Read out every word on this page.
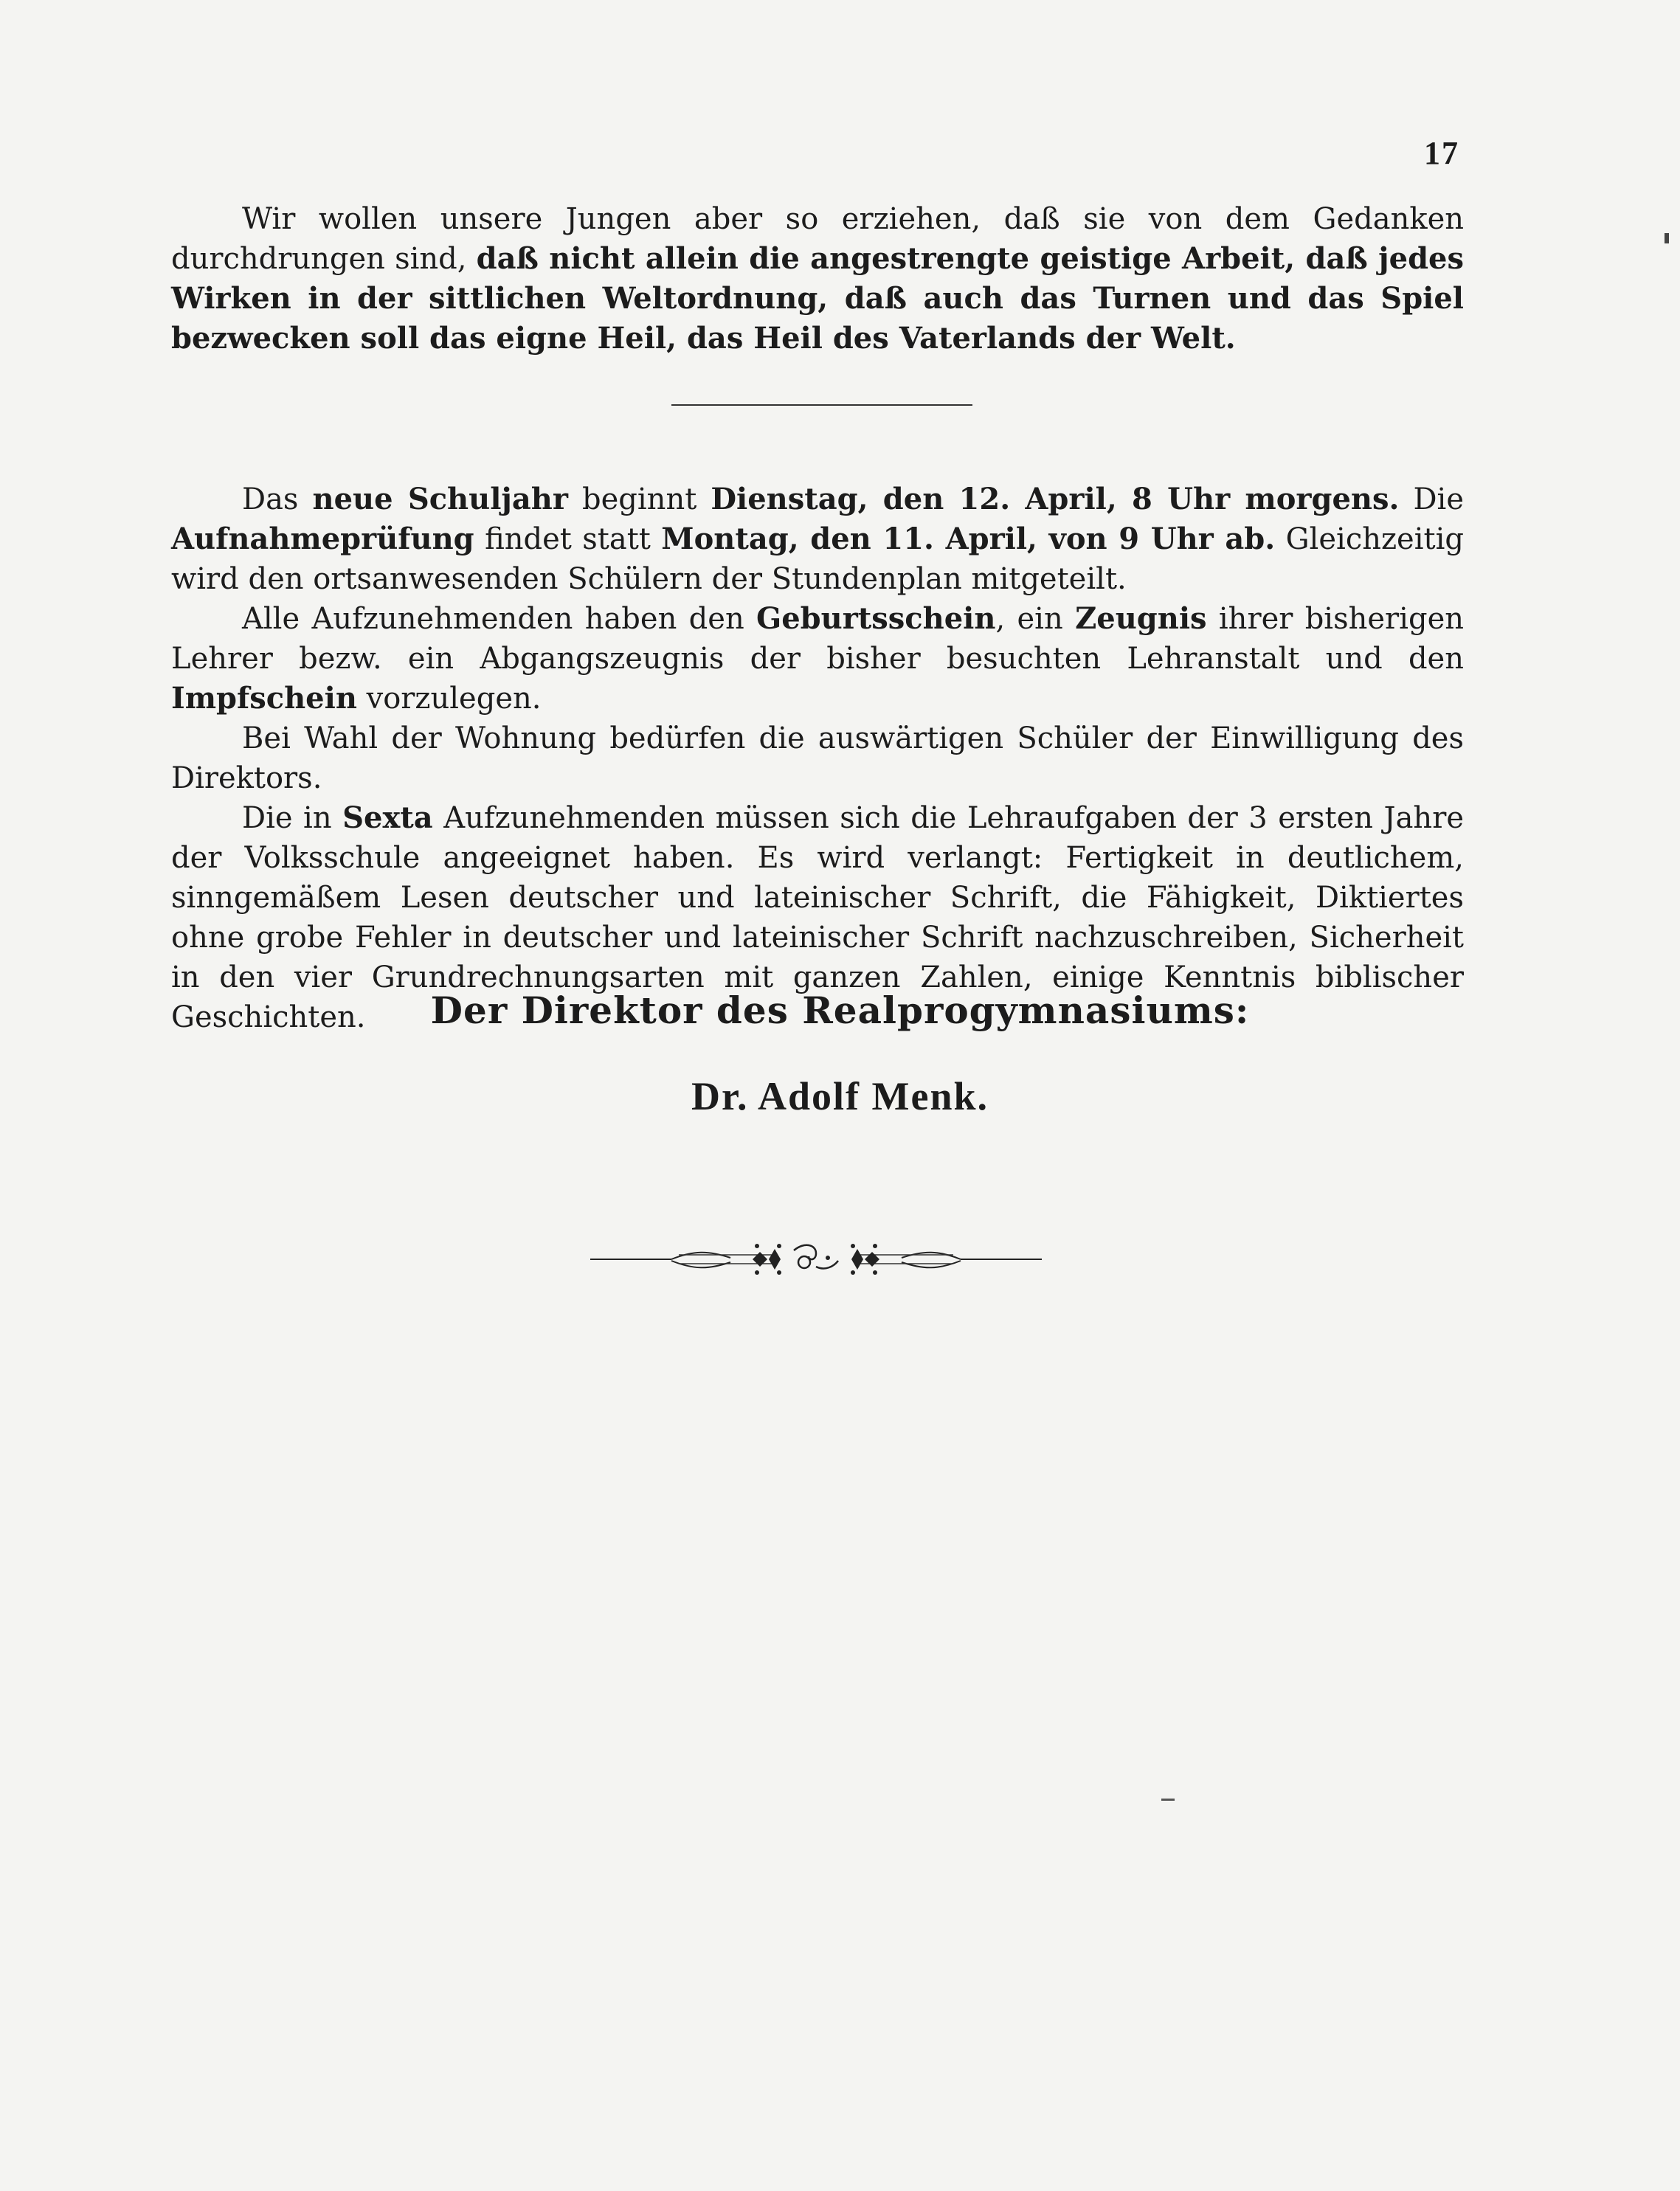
17

Wir wollen unsere Jungen aber so erziehen, daß sie von dem Gedanken durchdrungen sind, daß nicht allein die angestrengte geistige Arbeit, daß jedes Wirken in der sittlichen Weltordnung, daß auch das Turnen und das Spiel bezwecken soll das eigne Heil, das Heil des Vaterlands der Welt.

Das neue Schuljahr beginnt Dienstag, den 12. April, 8 Uhr morgens. Die Aufnahmeprüfung findet statt Montag, den 11. April, von 9 Uhr ab. Gleichzeitig wird den ortsanwesenden Schülern der Stundenplan mitgeteilt.

Alle Aufzunehmenden haben den Geburtsschein, ein Zeugnis ihrer bisherigen Lehrer bezw. ein Abgangszeugnis der bisher besuchten Lehranstalt und den Impfschein vorzulegen.

Bei Wahl der Wohnung bedürfen die auswärtigen Schüler der Einwilligung des Direktors.

Die in Sexta Aufzunehmenden müssen sich die Lehraufgaben der 3 ersten Jahre der Volksschule angeeignet haben. Es wird verlangt: Fertigkeit in deutlichem, sinngemäßem Lesen deutscher und lateinischer Schrift, die Fähigkeit, Diktiertes ohne grobe Fehler in deutscher und lateinischer Schrift nachzuschreiben, Sicherheit in den vier Grundrechnungsarten mit ganzen Zahlen, einige Kenntnis biblischer Geschichten.	Der Direktor des Realprogymnasiums:
Dr. Adolf Menk.
